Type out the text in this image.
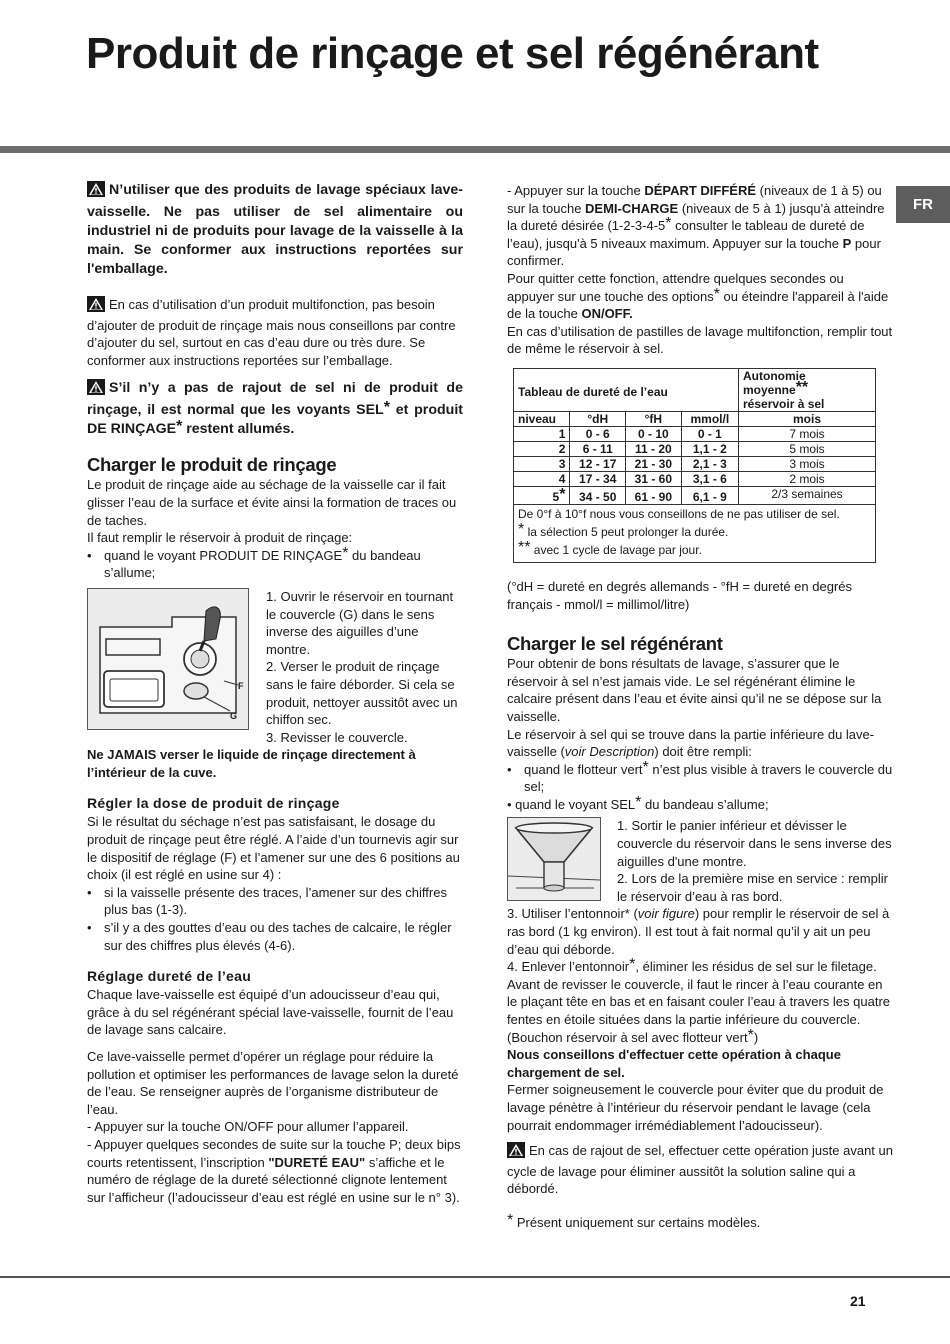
Produit de rinçage et sel régénérant
FR

N’utiliser que des produits de lavage spéciaux lave-vaisselle. Ne pas utiliser de sel alimentaire ou industriel ni de produits pour lavage de la vaisselle à la main. Se conformer aux instructions reportées sur l'emballage.

En cas d’utilisation d’un produit multifonction, pas besoin d’ajouter de produit de rinçage mais nous conseillons par contre d’ajouter du sel, surtout en cas d’eau dure ou très dure. Se conformer aux instructions reportées sur l’emballage.

S’il n’y a pas de rajout de sel ni de produit de rinçage, il est normal que les voyants SEL* et produit DE RINÇAGE* restent allumés.

Charger le produit de rinçage

Le produit de rinçage aide au séchage de la vaisselle car il fait glisser l’eau de la surface et évite ainsi la formation de traces ou de taches.

Il faut remplir le réservoir à produit de rinçage:

• quand le voyant PRODUIT DE RINÇAGE* du bandeau s’allume;
F
G

1. Ouvrir le réservoir en tournant le couvercle (G) dans le sens inverse des aiguilles d’une montre.

2. Verser le produit de rinçage sans le faire déborder. Si cela se produit, nettoyer aussitôt avec un chiffon sec.

3. Revisser le couvercle.

Ne JAMAIS verser le liquide de rinçage directement à l’intérieur de la cuve.

Régler la dose de produit de rinçage

Si le résultat du séchage n’est pas satisfaisant, le dosage du produit de rinçage peut être réglé. A l’aide d’un tournevis agir sur le dispositif de réglage (F) et l’amener sur une des 6 positions au choix (il est réglé en usine sur 4) :

• si la vaisselle présente des traces, l’amener sur des chiffres plus bas (1-3).
• s’il y a des gouttes d’eau ou des taches de calcaire, le régler sur des chiffres plus élevés (4-6).

Réglage dureté de l’eau

Chaque lave-vaisselle est équipé d’un adoucisseur d’eau qui, grâce à du sel régénérant spécial lave-vaisselle, fournit de l’eau de lavage sans calcaire.

Ce lave-vaisselle permet d’opérer un réglage pour réduire la pollution et optimiser les performances de lavage selon la dureté de l’eau. Se renseigner auprès de l’organisme distributeur de l’eau.

- Appuyer sur la touche ON/OFF pour allumer l’appareil.

- Appuyer quelques secondes de suite sur la touche P; deux bips courts retentissent, l’inscription "DURETÉ EAU" s’affiche et le numéro de réglage de la dureté sélectionné clignote lentement sur l’afficheur (l’adoucisseur d’eau est réglé en usine sur le n° 3).

- Appuyer sur la touche DÉPART DIFFÉRÉ (niveaux de 1 à 5) ou sur la touche DEMI-CHARGE (niveaux de 5 à 1) jusqu'à atteindre la dureté désirée (1-2-3-4-5* consulter le tableau de dureté de l’eau), jusqu'à 5 niveaux maximum. Appuyer sur la touche P pour confirmer.

Pour quitter cette fonction, attendre quelques secondes ou appuyer sur une touche des options* ou éteindre l'appareil à l'aide de la touche ON/OFF.

En cas d’utilisation de pastilles de lavage multifonction, remplir tout de même le réservoir à sel.

Tableau de dureté de l’eau				Autonomie
moyenne**
réservoir à sel
niveau	°dH	°fH	mmol/l	mois
1	0 - 6	0 - 10	0 - 1	7 mois
2	6 - 11	11 - 20	1,1 - 2	5 mois
3	12 - 17	21 - 30	2,1 - 3	3 mois
4	17 - 34	31 - 60	3,1 - 6	2 mois
5*	34 - 50	61 - 90	6,1 - 9	2/3 semaines

De 0°f à 10°f nous vous conseillons de ne pas utiliser de sel.
* la sélection 5 peut prolonger la durée.
** avec 1 cycle de lavage par jour.				

(°dH = dureté en degrés allemands - °fH = dureté en degrés français - mmol/l = millimol/litre)

Charger le sel régénérant

Pour obtenir de bons résultats de lavage, s’assurer que le réservoir à sel n’est jamais vide. Le sel régénérant élimine le calcaire présent dans l’eau et évite ainsi qu’il ne se dépose sur la vaisselle.

Le réservoir à sel qui se trouve dans la partie inférieure du lave-vaisselle (voir Description) doit être rempli:

• quand le flotteur vert* n’est plus visible à travers le couvercle du sel;

• quand le voyant SEL* du bandeau s’allume;

1. Sortir le panier inférieur et dévisser le couvercle du réservoir dans le sens inverse des aiguilles d'une montre.

2. Lors de la première mise en service : remplir le réservoir d’eau à ras bord.

3. Utiliser l’entonnoir* (voir figure) pour remplir le réservoir de sel à ras bord (1 kg environ). Il est tout à fait normal qu’il y ait un peu d’eau qui déborde.

4. Enlever l’entonnoir*, éliminer les résidus de sel sur le filetage. Avant de revisser le couvercle, il faut le rincer à l’eau courante en le plaçant tête en bas et en faisant couler l’eau à travers les quatre fentes en étoile situées dans la partie inférieure du couvercle. (Bouchon réservoir à sel avec flotteur vert*)

Nous conseillons d'effectuer cette opération à chaque chargement de sel.

Fermer soigneusement le couvercle pour éviter que du produit de lavage pénètre à l’intérieur du réservoir pendant le lavage (cela pourrait endommager irrémédiablement l’adoucisseur).

En cas de rajout de sel, effectuer cette opération juste avant un cycle de lavage pour éliminer aussitôt la solution saline qui a débordé.

* Présent uniquement sur certains modèles.

21
